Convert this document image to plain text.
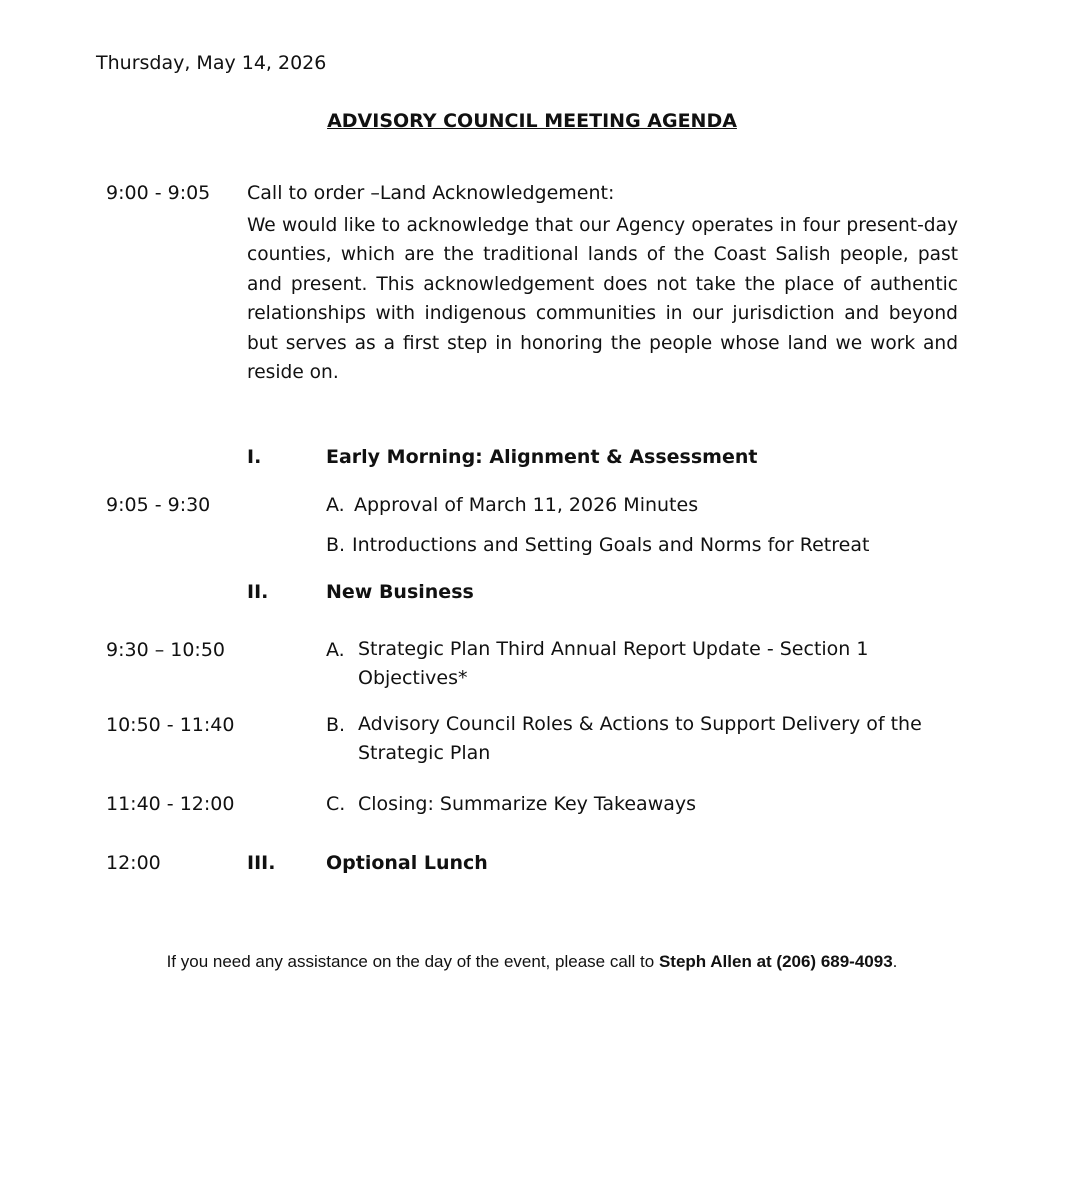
Thursday, May 14, 2026
ADVISORY COUNCIL MEETING AGENDA
9:00 - 9:05 Call to order –Land Acknowledgement:
We would like to acknowledge that our Agency operates in four present-day counties, which are the traditional lands of the Coast Salish people, past and present. This acknowledgement does not take the place of authentic relationships with indigenous communities in our jurisdiction and beyond but serves as a first step in honoring the people whose land we work and reside on.
I.	Early Morning: Alignment & Assessment
9:05 - 9:30	A. Approval of March 11, 2026 Minutes
B. Introductions and Setting Goals and Norms for Retreat
II.	New Business
9:30 – 10:50	A. Strategic Plan Third Annual Report Update - Section 1 Objectives*
10:50 - 11:40	B. Advisory Council Roles & Actions to Support Delivery of the Strategic Plan
11:40 - 12:00	C. Closing: Summarize Key Takeaways
12:00	III.	Optional Lunch
If you need any assistance on the day of the event, please call to Steph Allen at (206) 689-4093.
